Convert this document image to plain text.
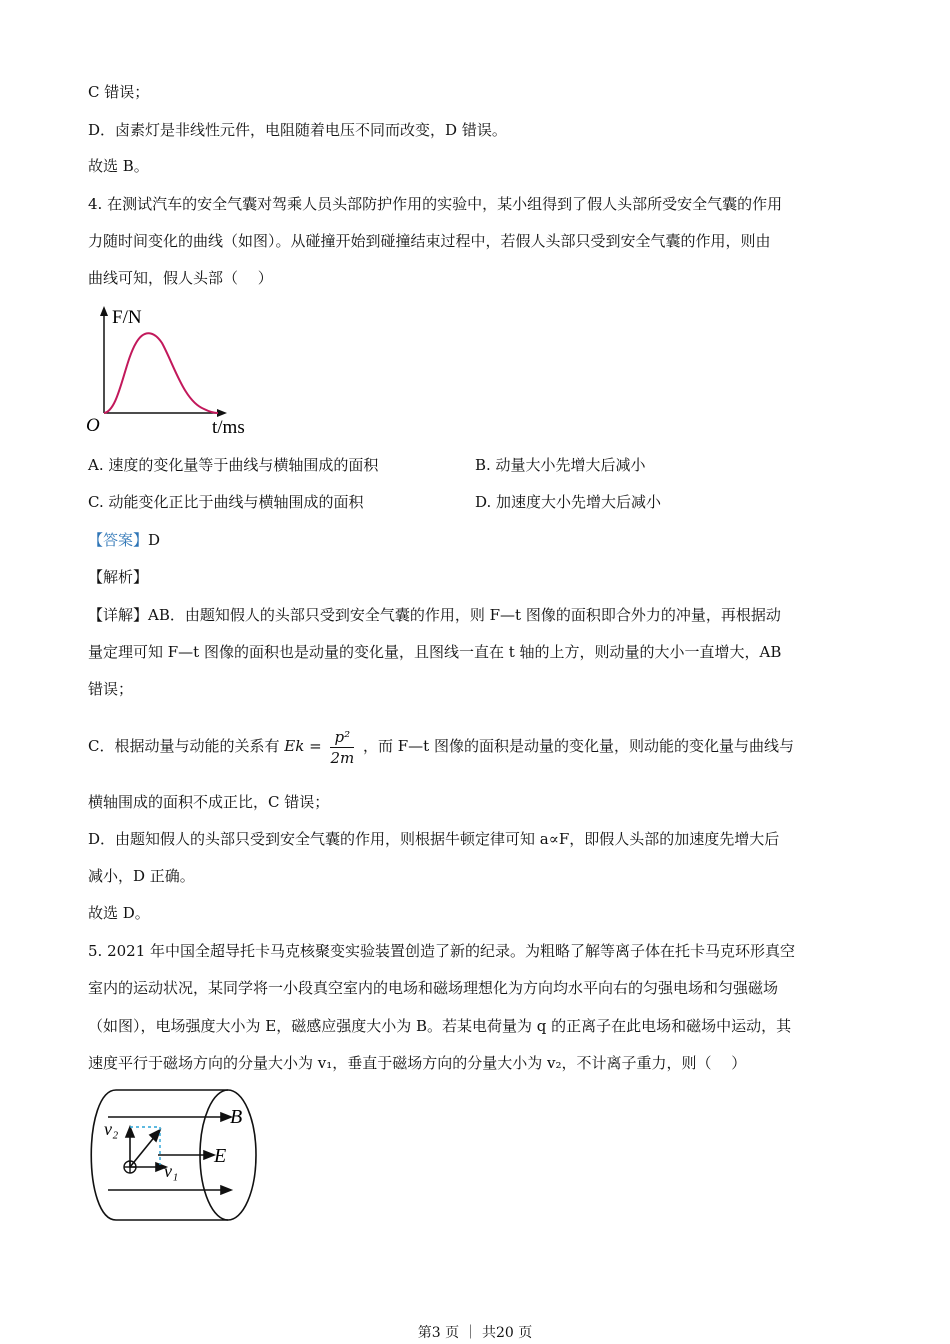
C 错误；
D．卤素灯是非线性元件，电阻随着电压不同而改变，D 错误。
故选 B。
4. 在测试汽车的安全气囊对驾乘人员头部防护作用的实验中，某小组得到了假人头部所受安全气囊的作用
力随时间变化的曲线（如图）。从碰撞开始到碰撞结束过程中，若假人头部只受到安全气囊的作用，则由
曲线可知，假人头部（　 ）
F/N
O	t/ms
A. 速度的变化量等于曲线与横轴围成的面积	B. 动量大小先增大后减小
C. 动能变化正比于曲线与横轴围成的面积	D. 加速度大小先增大后减小
【答案】D
【解析】
【详解】AB．由题知假人的头部只受到安全气囊的作用，则 F—t 图像的面积即合外力的冲量，再根据动
量定理可知 F—t 图像的面积也是动量的变化量，且图线一直在 t 轴的上方，则动量的大小一直增大，AB
错误；
C．根据动量与动能的关系有 $Ek = \frac{\text{p²}}{2m}$ ，而 F—t 图像的面积是动量的变化量，则动能的变化量与曲线与
横轴围成的面积不成正比，C 错误；
D．由题知假人的头部只受到安全气囊的作用，则根据牛顿定律可知 a∝F，即假人头部的加速度先增大后
减小，D 正确。
故选 D。
5. 2021 年中国全超导托卡马克核聚变实验装置创造了新的纪录。为粗略了解等离子体在托卡马克环形真空
室内的运动状况，某同学将一小段真空室内的电场和磁场理想化为方向均水平向右的匀强电场和匀强磁场
（如图），电场强度大小为 E，磁感应强度大小为 B。若某电荷量为 q 的正离子在此电场和磁场中运动，其
速度平行于磁场方向的分量大小为 v₁，垂直于磁场方向的分量大小为 v₂，不计离子重力，则（　 ）
B
E
v₂
v₁
第3 页 ｜ 共20 页
